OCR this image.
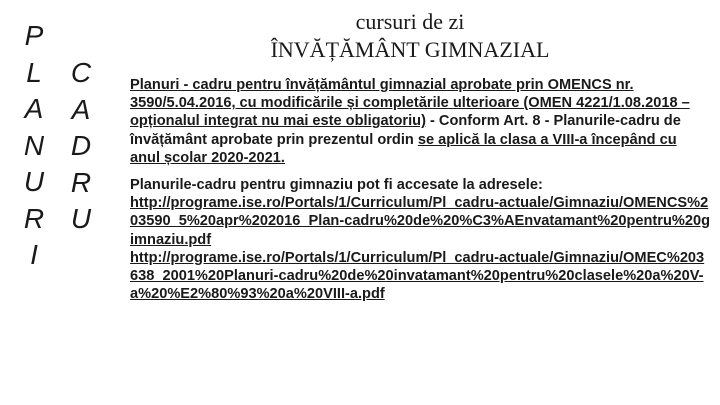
P
L
A
N
U
R
I
C
A
D
R
U
cursuri de zi
ÎNVĂȚĂMÂNT GIMNAZIAL

Planuri - cadru pentru învățământul gimnazial aprobate prin OMENCS nr. 3590/5.04.2016, cu modificările și completările ulterioare (OMEN 4221/1.08.2018 – opționalul integrat nu mai este obligatoriu) - Conform Art. 8 - Planurile-cadru de învățământ aprobate prin prezentul ordin se aplică la clasa a VIII-a începând cu anul școlar 2020-2021.

Planurile-cadru pentru gimnaziu pot fi accesate la adresele:
http://programe.ise.ro/Portals/1/Curriculum/Pl_cadru-actuale/Gimnaziu/OMENCS%203590_5%20apr%202016_Plan-cadru%20de%20%C3%AEnvatamant%20pentru%20gimnaziu.pdf
http://programe.ise.ro/Portals/1/Curriculum/Pl_cadru-actuale/Gimnaziu/OMEC%203638_2001%20Planuri-cadru%20de%20invatamant%20pentru%20clasele%20a%20V-a%20%E2%80%93%20a%20VIII-a.pdf
